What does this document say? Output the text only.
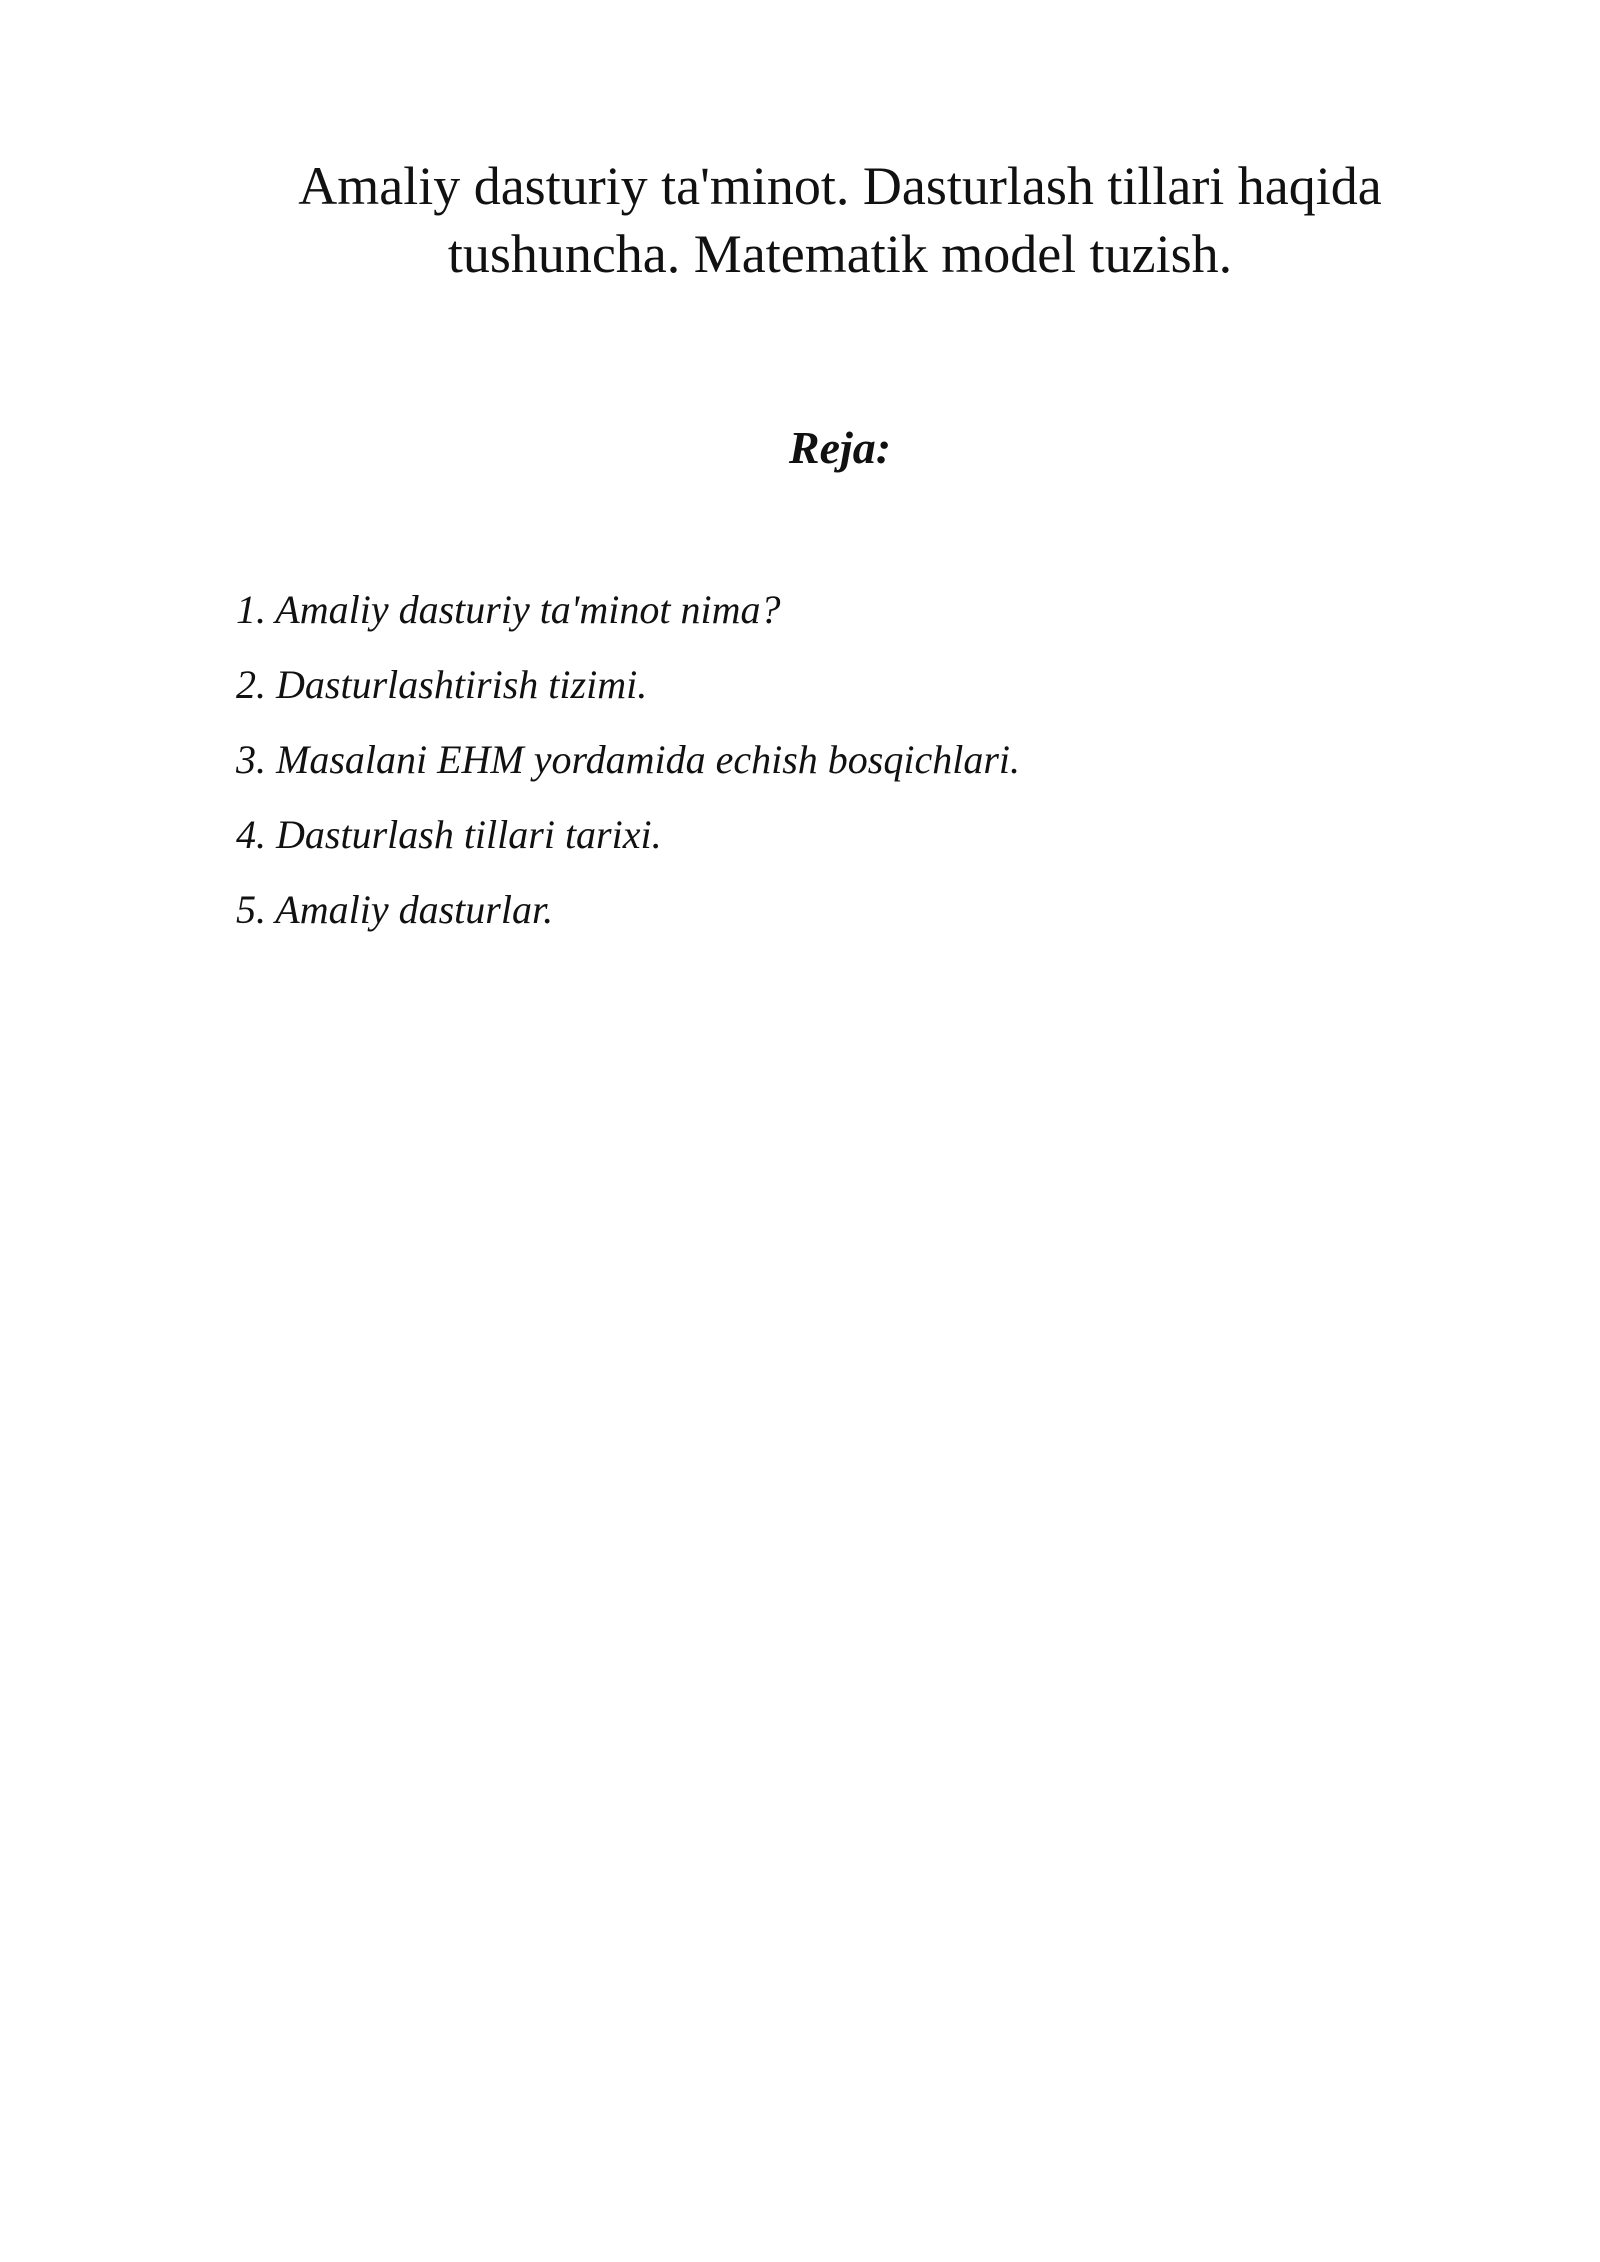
Amaliy dasturiy ta'minot. Dasturlash tillari haqida tushuncha. Matematik model tuzish.
Reja:
1. Amaliy dasturiy ta'minot nima?
2. Dasturlashtirish tizimi.
3. Masalani EHM yordamida echish bosqichlari.
4. Dasturlash tillari tarixi.
5. Amaliy dasturlar.
